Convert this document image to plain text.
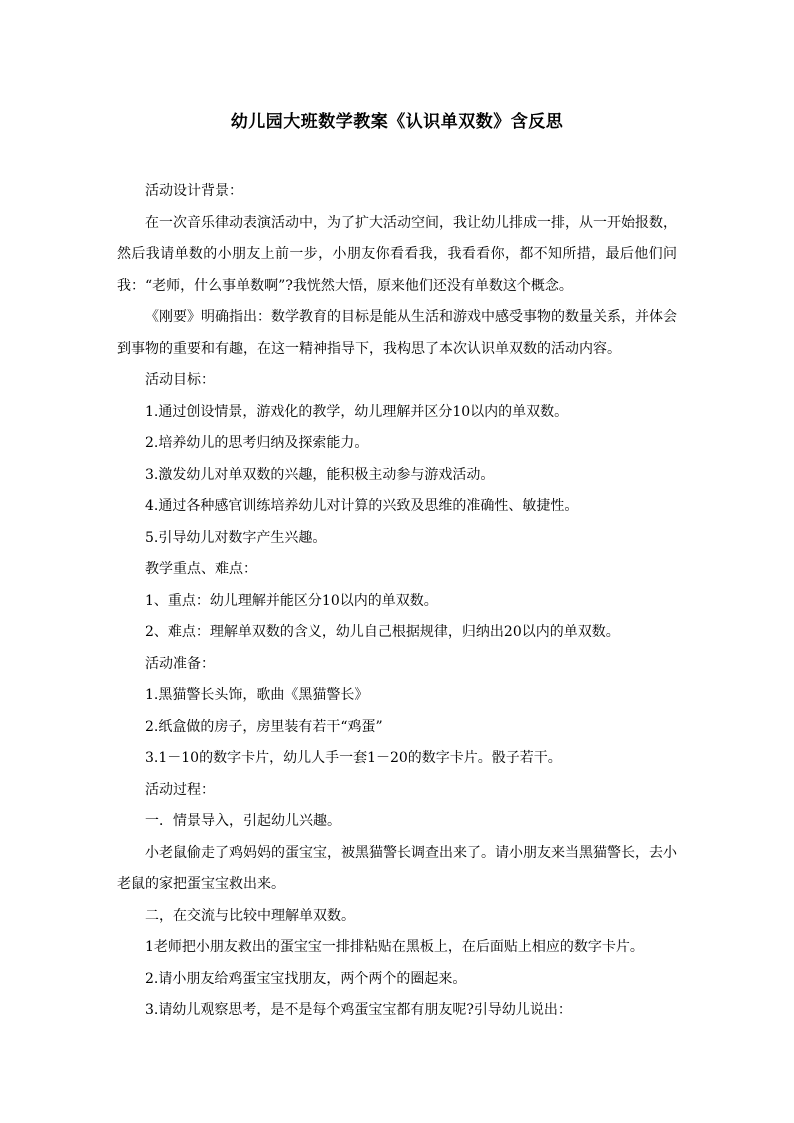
幼儿园大班数学教案《认识单双数》含反思

活动设计背景：

在一次音乐律动表演活动中，为了扩大活动空间，我让幼儿排成一排，从一开始报数，然后我请单数的小朋友上前一步，小朋友你看看我，我看看你，都不知所措，最后他们问我：“老师，什么事单数啊”?我恍然大悟，原来他们还没有单数这个概念。

《刚要》明确指出：数学教育的目标是能从生活和游戏中感受事物的数量关系，并体会到事物的重要和有趣，在这一精神指导下，我构思了本次认识单双数的活动内容。

活动目标：

1.通过创设情景，游戏化的教学，幼儿理解并区分10以内的单双数。

2.培养幼儿的思考归纳及探索能力。

3.激发幼儿对单双数的兴趣，能积极主动参与游戏活动。

4.通过各种感官训练培养幼儿对计算的兴致及思维的准确性、敏捷性。

5.引导幼儿对数字产生兴趣。

教学重点、难点：

1、重点：幼儿理解并能区分10以内的单双数。

2、难点：理解单双数的含义，幼儿自己根据规律，归纳出20以内的单双数。

活动准备：

1.黑猫警长头饰，歌曲《黑猫警长》

2.纸盒做的房子，房里装有若干“鸡蛋”

3.1－10的数字卡片，幼儿人手一套1－20的数字卡片。骰子若干。

活动过程：

一．情景导入，引起幼儿兴趣。

小老鼠偷走了鸡妈妈的蛋宝宝，被黑猫警长调查出来了。请小朋友来当黑猫警长，去小老鼠的家把蛋宝宝救出来。

二，在交流与比较中理解单双数。

1老师把小朋友救出的蛋宝宝一排排粘贴在黑板上，在后面贴上相应的数字卡片。

2.请小朋友给鸡蛋宝宝找朋友，两个两个的圈起来。

3.请幼儿观察思考，是不是每个鸡蛋宝宝都有朋友呢?引导幼儿说出：
